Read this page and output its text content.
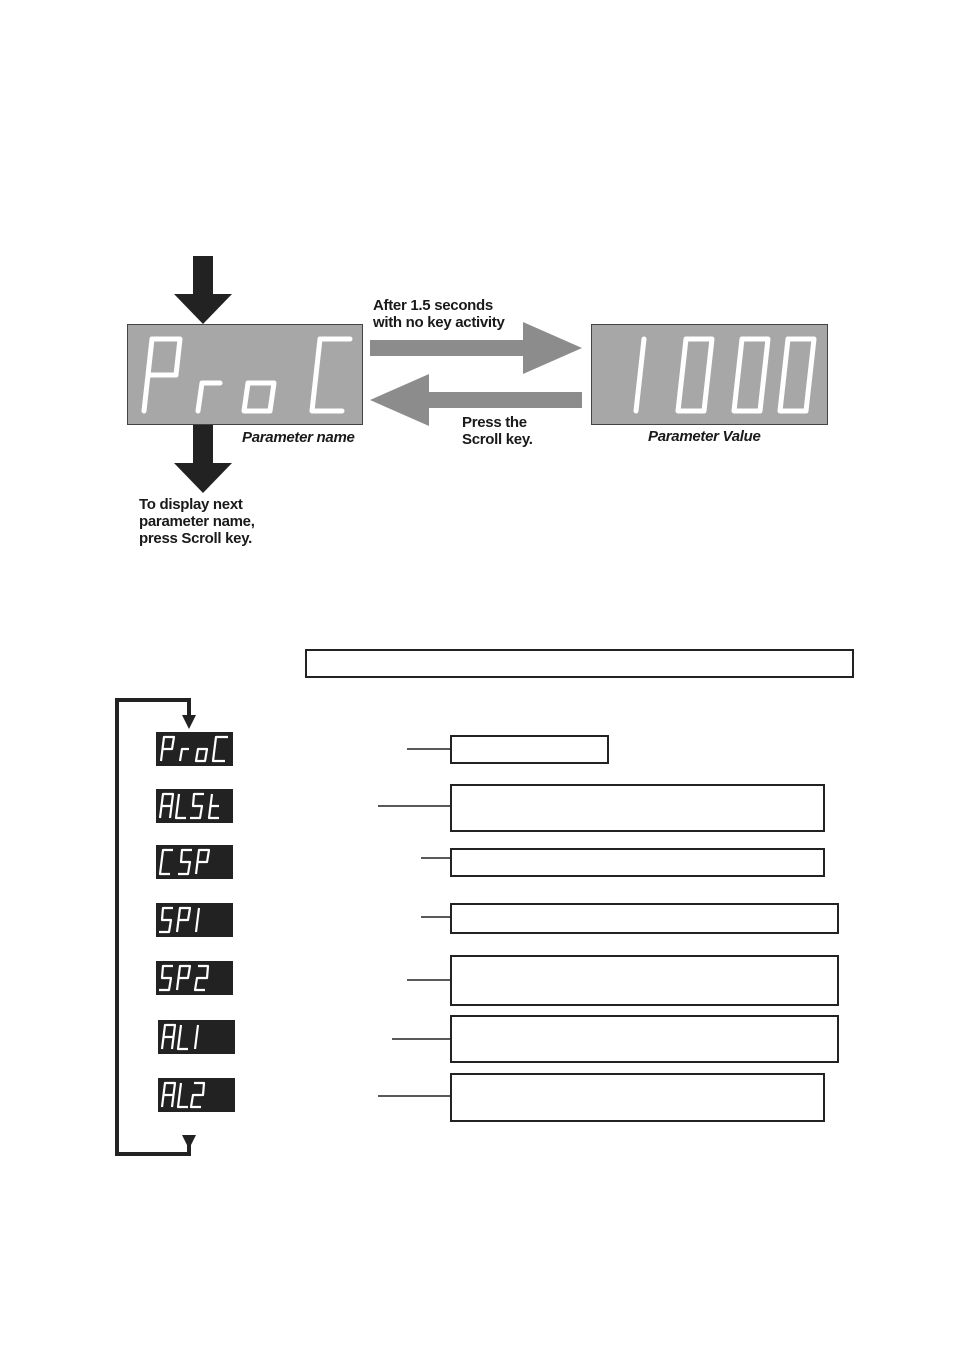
After 1.5 seconds
with no key activity
Press the
Scroll key.
Parameter name	Parameter Value
To display next
parameter name,
press Scroll key.
